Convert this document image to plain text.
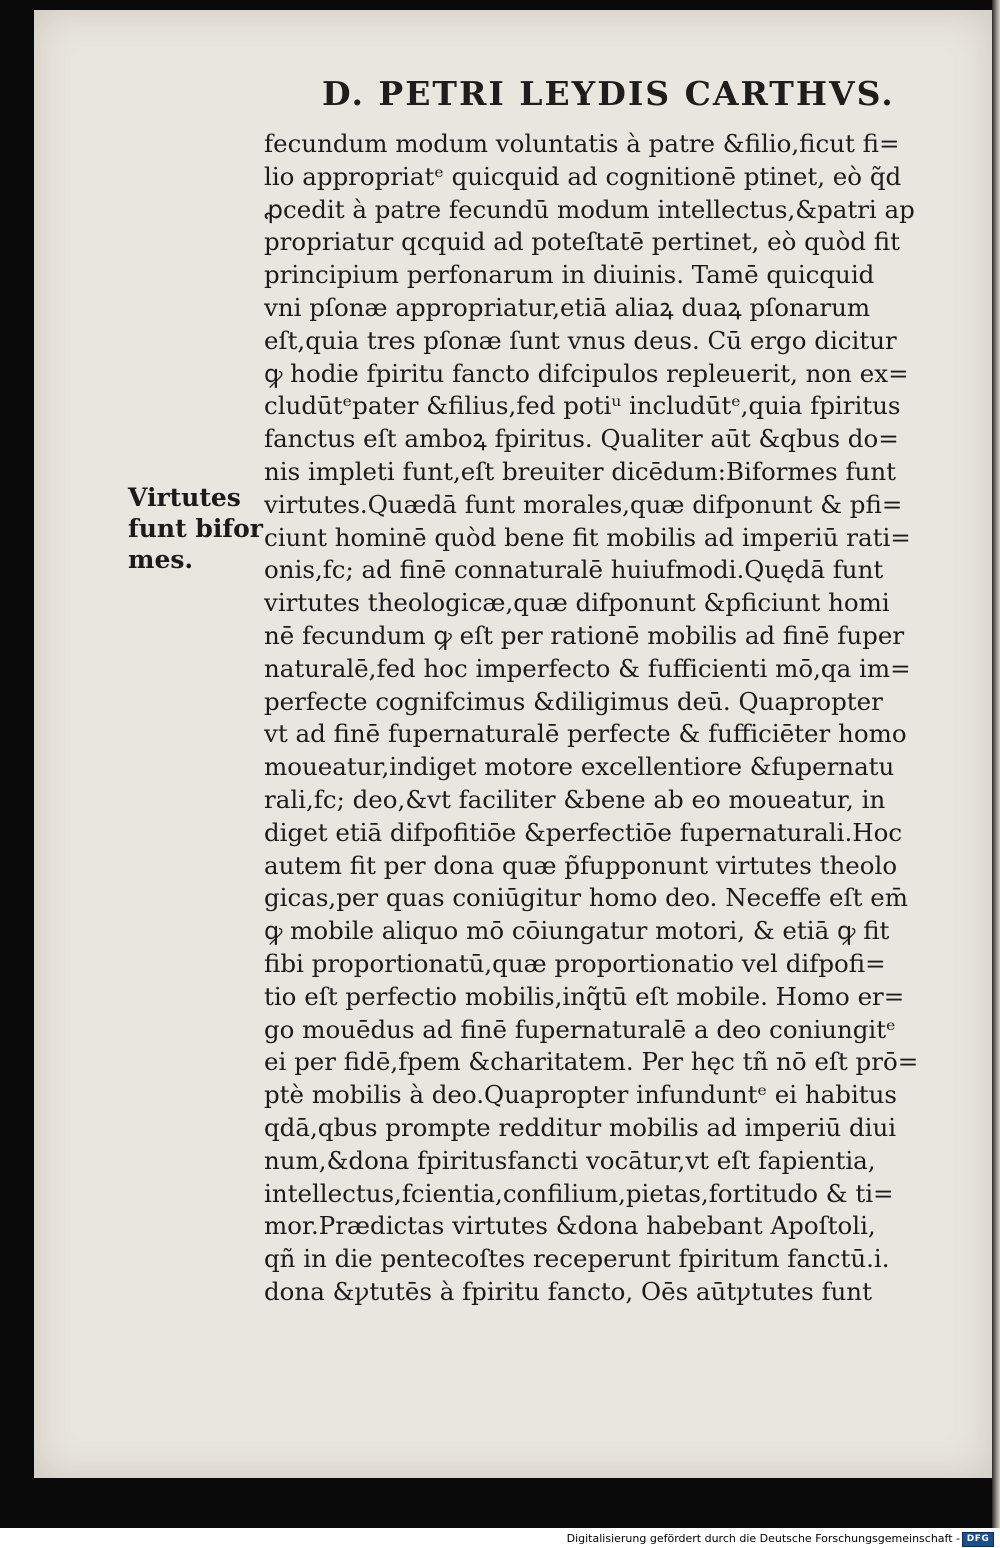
D. PETRI LEYDIS CARTHVS.
Virtutes
funt bifor
mes.
fecundum modum voluntatis à patre &filio,ficut fi=
lio appropriatᵉ quicquid ad cognitionē ptinet, eò q̃d
ꝓcedit à patre fecundū modum intellectus,&patri ap
propriatur qcquid ad poteſtatē pertinet, eò quòd fit
principium perfonarum in diuinis. Tamē quicquid
vni pſonæ appropriatur,etiā aliaꝝ duaꝝ pſonarum
eſt,quia tres pſonæ ſunt vnus deus. Cū ergo dicitur
ꝙ hodie fpiritu fancto difcipulos repleuerit, non ex=
cludūtᵉpater &filius,fed potiᵘ includūtᵉ,quia fpiritus
fanctus eſt amboꝝ fpiritus. Qualiter aūt &qbus do=
nis impleti funt,eſt breuiter dicēdum:Biformes funt
virtutes.Quædā funt morales,quæ difponunt & pfi=
ciunt hominē quòd bene fit mobilis ad imperiū rati=
onis,fc; ad finē connaturalē huiufmodi.Quędā funt
virtutes theologicæ,quæ difponunt &pficiunt homi
nē fecundum ꝙ eſt per rationē mobilis ad finē fuper
naturalē,fed hoc imperfecto & fufficienti mō,qa im=
perfecte cognifcimus &diligimus deū. Quapropter
vt ad finē fupernaturalē perfecte & fufficiēter homo
moueatur,indiget motore excellentiore &fupernatu
rali,fc; deo,&vt faciliter &bene ab eo moueatur, in
diget etiā difpofitiōe &perfectiōe fupernaturali.Hoc
autem fit per dona quæ p̃fupponunt virtutes theolo
gicas,per quas coniūgitur homo deo. Neceffe eſt em̄
ꝙ mobile aliquo mō cōiungatur motori, & etiā ꝙ fit
fibi proportionatū,quæ proportionatio vel difpofi=
tio eſt perfectio mobilis,inq̃tū eſt mobile. Homo er=
go mouēdus ad finē fupernaturalē a deo coniungitᵉ
ei per fidē,fpem &charitatem. Per hęc tñ nō eſt prō=
ptè mobilis à deo.Quapropter infunduntᵉ ei habitus
qdā,qbus prompte redditur mobilis ad imperiū diui
num,&dona fpiritusfancti vocātur,vt eſt fapientia,
intellectus,fcientia,confilium,pietas,fortitudo & ti=
mor.Prædictas virtutes &dona habebant Apoſtoli,
qñ in die pentecoſtes receperunt fpiritum fanctū.i.
dona &ꝩtutēs à fpiritu fancto, Oēs aūtꝩtutes funt
Digitalisierung gefördert durch die Deutsche Forschungsgemeinschaft - DFG
